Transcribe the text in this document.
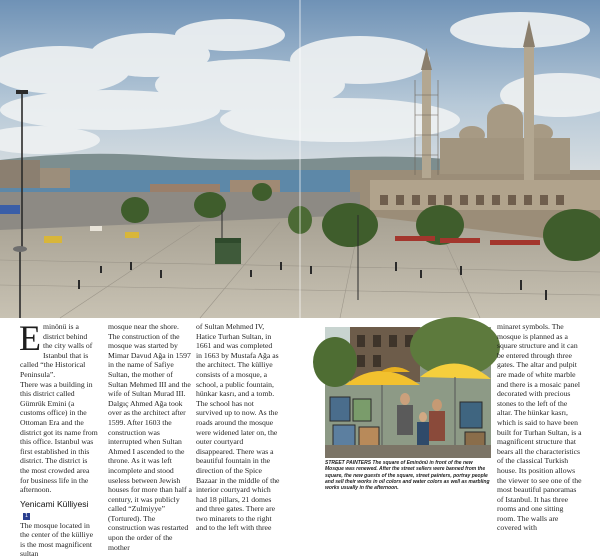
E minönü is a district behind the city walls of Istanbul that is called “the Historical Peninsula”.

There was a building in this district called Gümrük Emini (a customs office) in the Ottoman Era and the district got its name from this office. Istanbul was first established in this district. The district is the most crowded area for business life in the afternoon.

Yenicami Külliyesi1

The mosque located in the center of the külliye is the most magnificent sultan

mosque near the shore. The construction of the mosque was started by Mimar Davud Ağa in 1597 in the name of Safiye Sultan, the mother of Sultan Mehmed III and the wife of Sultan Murad III. Dalgıç Ahmed Ağa took over as the architect after 1599. After 1603 the construction was interrupted when Sultan Ahmed I ascended to the throne. As it was left incomplete and stood useless between Jewish houses for more than half a century, it was publicly called “Zulmiyye” (Tortured). The construction was restarted upon the order of the mother

of Sultan Mehmed IV, Hatice Turhan Sultan, in 1661 and was completed in 1663 by Mustafa Ağa as the architect. The külliye consists of a mosque, a school, a public fountain, hünkar kasrı, and a tomb. The school has not survived up to now. As the roads around the mosque were widened later on, the outer courtyard disappeared. There was a beautiful fountain in the direction of the Spice Bazaar in the middle of the interior courtyard which had 18 pillars, 21 domes and three gates. There are two minarets to the right and to the left with three

STREET PAINTERS The square of Eminönü in front of the new Mosque was renewed. After the street sellers were banned from the square, the new guests of the square, street painters, portray people and sell their works in oil colors and water colors as well as marbling works usually in the afternoon.

minaret symbols. The mosque is planned as a square structure and it can be entered through three gates. The altar and pulpit are made of white marble and there is a mosaic panel decorated with precious stones to the left of the altar. The hünkar kasrı, which is said to have been built for Turhan Sultan, is a magnificent structure that bears all the characteristics of the classical Turkish house. Its position allows the viewer to see one of the most beautiful panoramas of Istanbul. It has three rooms and one sitting room. The walls are covered with
